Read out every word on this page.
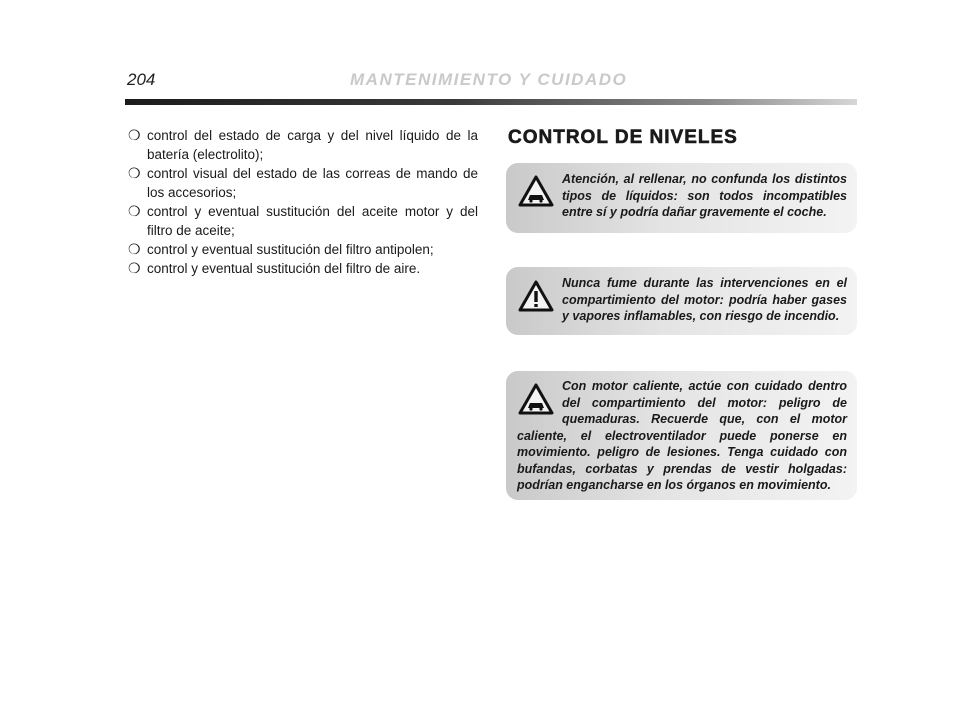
204	MANTENIMIENTO Y CUIDADO
❍ control del estado de carga y del nivel líquido de la batería (electrolito);
❍ control visual del estado de las correas de mando de los accesorios;
❍ control y eventual sustitución del aceite motor y del filtro de aceite;
❍ control y eventual sustitución del filtro antipolen;
❍ control y eventual sustitución del filtro de aire.
CONTROL DE NIVELES
Atención, al rellenar, no confunda los distintos tipos de líquidos: son todos incompatibles entre sí y podría dañar gravemente el coche.
Nunca fume durante las intervenciones en el compartimiento del motor: podría haber gases y vapores inflamables, con riesgo de incendio.
Con motor caliente, actúe con cuidado dentro del compartimiento del motor: peligro de quemaduras. Recuerde que, con el motor caliente, el electroventilador puede ponerse en movimiento. peligro de lesiones. Tenga cuidado con bufandas, corbatas y prendas de vestir holgadas: podrían engancharse en los órganos en movimiento.
